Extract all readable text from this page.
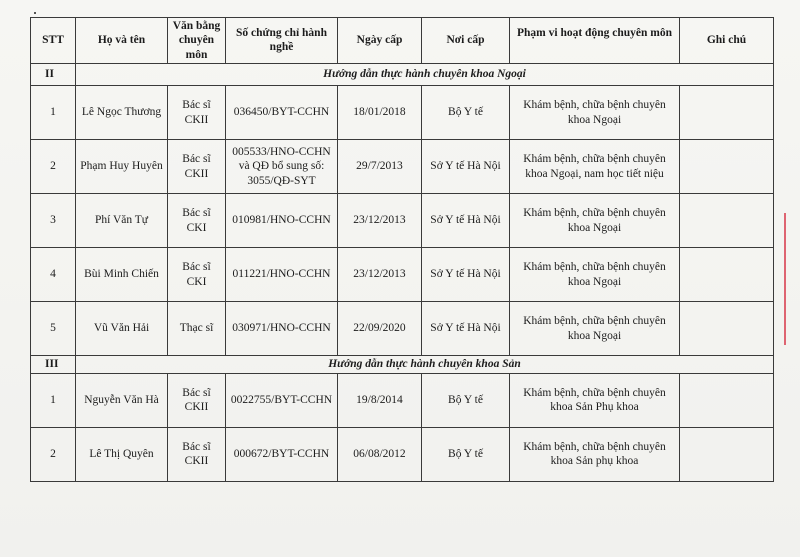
STT	Họ và tên	Văn bằng chuyên môn	Số chứng chỉ hành nghề	Ngày cấp	Nơi cấp	Phạm vi hoạt động chuyên môn	Ghi chú
II	Hướng dẫn thực hành chuyên khoa Ngoại						
1	Lê Ngọc Thương	Bác sĩ CKII	036450/BYT-CCHN	18/01/2018	Bộ Y tế	Khám bệnh, chữa bệnh chuyên khoa Ngoại	
2	Phạm Huy Huyên	Bác sĩ CKII	005533/HNO-CCHN và QĐ bổ sung số: 3055/QĐ-SYT	29/7/2013	Sở Y tế Hà Nội	Khám bệnh, chữa bệnh chuyên khoa Ngoại, nam học tiết niệu	
3	Phí Văn Tự	Bác sĩ CKI	010981/HNO-CCHN	23/12/2013	Sở Y tế Hà Nội	Khám bệnh, chữa bệnh chuyên khoa Ngoại	
4	Bùi Minh Chiến	Bác sĩ CKI	011221/HNO-CCHN	23/12/2013	Sở Y tế Hà Nội	Khám bệnh, chữa bệnh chuyên khoa Ngoại	
5	Vũ Văn Hải	Thạc sĩ	030971/HNO-CCHN	22/09/2020	Sở Y tế Hà Nội	Khám bệnh, chữa bệnh chuyên khoa Ngoại	
III	Hướng dẫn thực hành chuyên khoa Sản						
1	Nguyễn Văn Hà	Bác sĩ CKII	0022755/BYT-CCHN	19/8/2014	Bộ Y tế	Khám bệnh, chữa bệnh chuyên khoa Sản Phụ khoa	
2	Lê Thị Quyên	Bác sĩ CKII	000672/BYT-CCHN	06/08/2012	Bộ Y tế	Khám bệnh, chữa bệnh chuyên khoa Sản phụ khoa	
